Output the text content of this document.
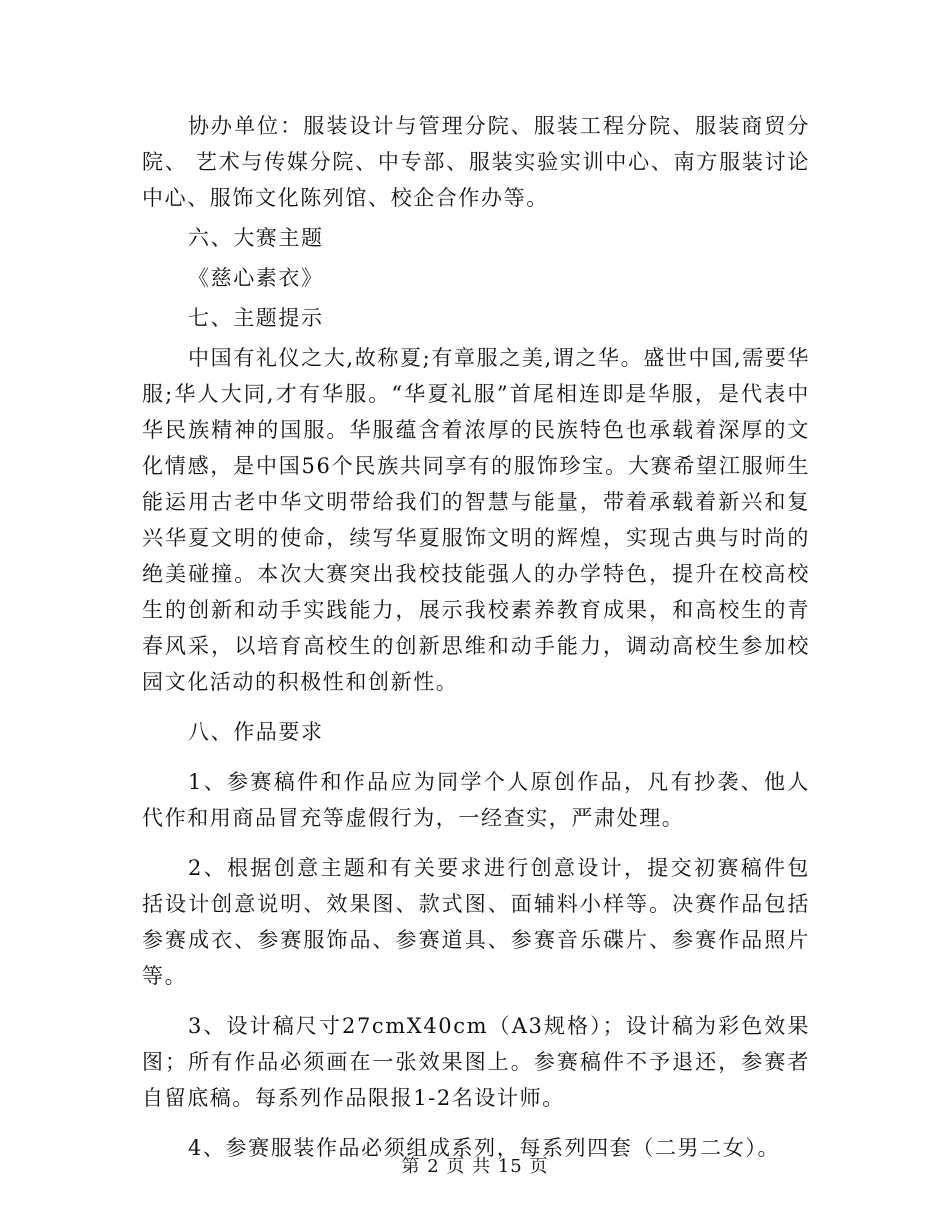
协办单位：服装设计与管理分院、服装工程分院、服装商贸分院、 艺术与传媒分院、中专部、服装实验实训中心、南方服装讨论中心、服饰文化陈列馆、校企合作办等。

六、大赛主题

《慈心素衣》

七、主题提示

中国有礼仪之大,故称夏;有章服之美,谓之华。盛世中国,需要华服;华人大同,才有华服。“华夏礼服”首尾相连即是华服，是代表中华民族精神的国服。华服蕴含着浓厚的民族特色也承载着深厚的文化情感，是中国56个民族共同享有的服饰珍宝。大赛希望江服师生能运用古老中华文明带给我们的智慧与能量，带着承载着新兴和复兴华夏文明的使命，续写华夏服饰文明的辉煌，实现古典与时尚的绝美碰撞。本次大赛突出我校技能强人的办学特色，提升在校高校生的创新和动手实践能力，展示我校素养教育成果，和高校生的青春风采，以培育高校生的创新思维和动手能力，调动高校生参加校园文化活动的积极性和创新性。

八、作品要求

1、参赛稿件和作品应为同学个人原创作品，凡有抄袭、他人代作和用商品冒充等虚假行为，一经查实，严肃处理。

2、根据创意主题和有关要求进行创意设计，提交初赛稿件包括设计创意说明、效果图、款式图、面辅料小样等。决赛作品包括参赛成衣、参赛服饰品、参赛道具、参赛音乐碟片、参赛作品照片等。

3、设计稿尺寸27cmX40cm（A3规格）；设计稿为彩色效果图；所有作品必须画在一张效果图上。参赛稿件不予退还，参赛者自留底稿。每系列作品限报1-2名设计师。

4、参赛服装作品必须组成系列，每系列四套（二男二女）。

第 2 页 共 15 页
